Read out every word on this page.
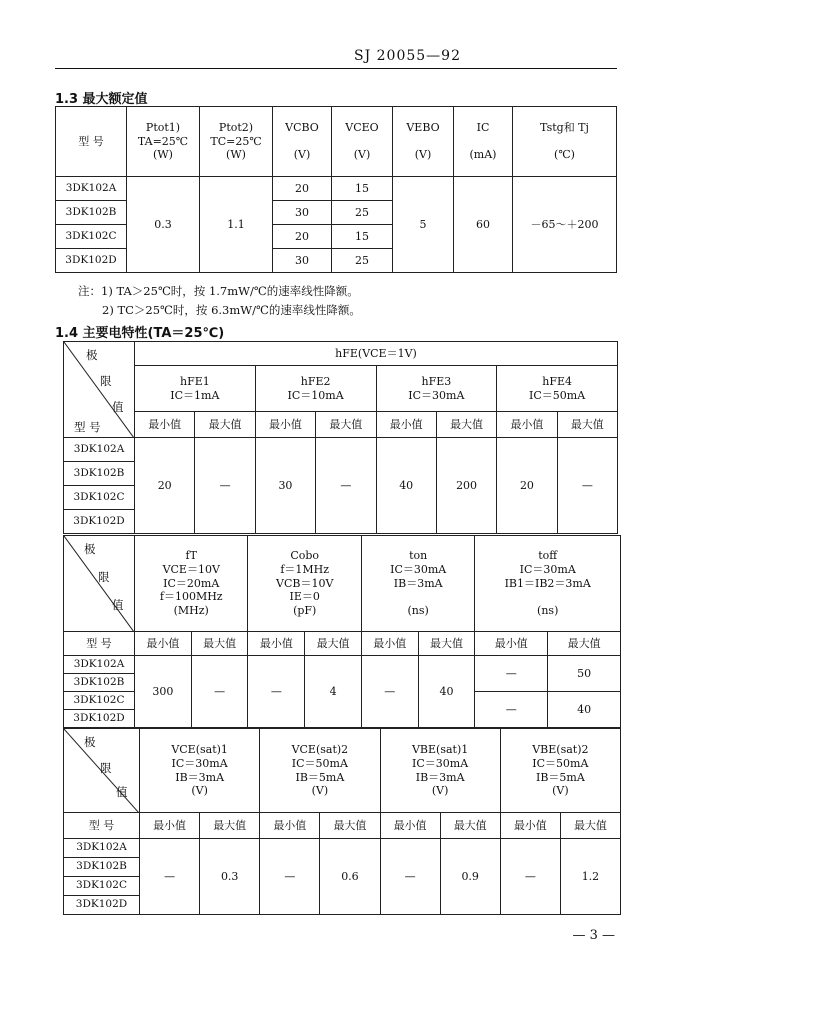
SJ 20055—92
1.3 最大额定值
型 号	Ptot1)
TA=25℃
(W)	Ptot2)
TC=25℃
(W)	VCBO

(V)	VCEO

(V)	VEBO

(V)	IC

(mA)	Tstg和 Tj

(℃)
3DK102A	0.3	1.1	20	15	5	60	－65～＋200
3DK102B			30	25			
3DK102C			20	15			
3DK102D			30	25			
注：1) TA＞25℃时，按 1.7mW/℃的速率线性降额。
2) TC＞25℃时，按 6.3mW/℃的速率线性降额。
1.4 主要电特性(TA＝25℃)
极
限
值
型 号	hFE(VCE＝1V)							
	hFE1
IC＝1mA		hFE2
IC＝10mA		hFE3
IC＝30mA		hFE4
IC＝50mA	
	最小值	最大值	最小值	最大值	最小值	最大值	最小值	最大值
3DK102A	20	—	30	—	40	200	20	—
3DK102B								
3DK102C								
3DK102D								
极
限
值	fT
VCE＝10V
IC＝20mA
f＝100MHz
(MHz)		Cobo
f＝1MHz
VCB＝10V
IE＝0
(pF)		ton
IC＝30mA
IB＝3mA

(ns)		toff
IC＝30mA
IB1＝IB2＝3mA

(ns)	
型 号	最小值	最大值	最小值	最大值	最小值	最大值	最小值	最大值
3DK102A	300	—	—	4	—	40	—	50
3DK102B								
3DK102C							—	40
3DK102D								
极
限
值	VCE(sat)1
IC＝30mA
IB＝3mA
(V)		VCE(sat)2
IC＝50mA
IB＝5mA
(V)		VBE(sat)1
IC＝30mA
IB＝3mA
(V)		VBE(sat)2
IC＝50mA
IB＝5mA
(V)	
型 号	最小值	最大值	最小值	最大值	最小值	最大值	最小值	最大值
3DK102A	—	0.3	—	0.6	—	0.9	—	1.2
3DK102B								
3DK102C								
3DK102D								
— 3 —
